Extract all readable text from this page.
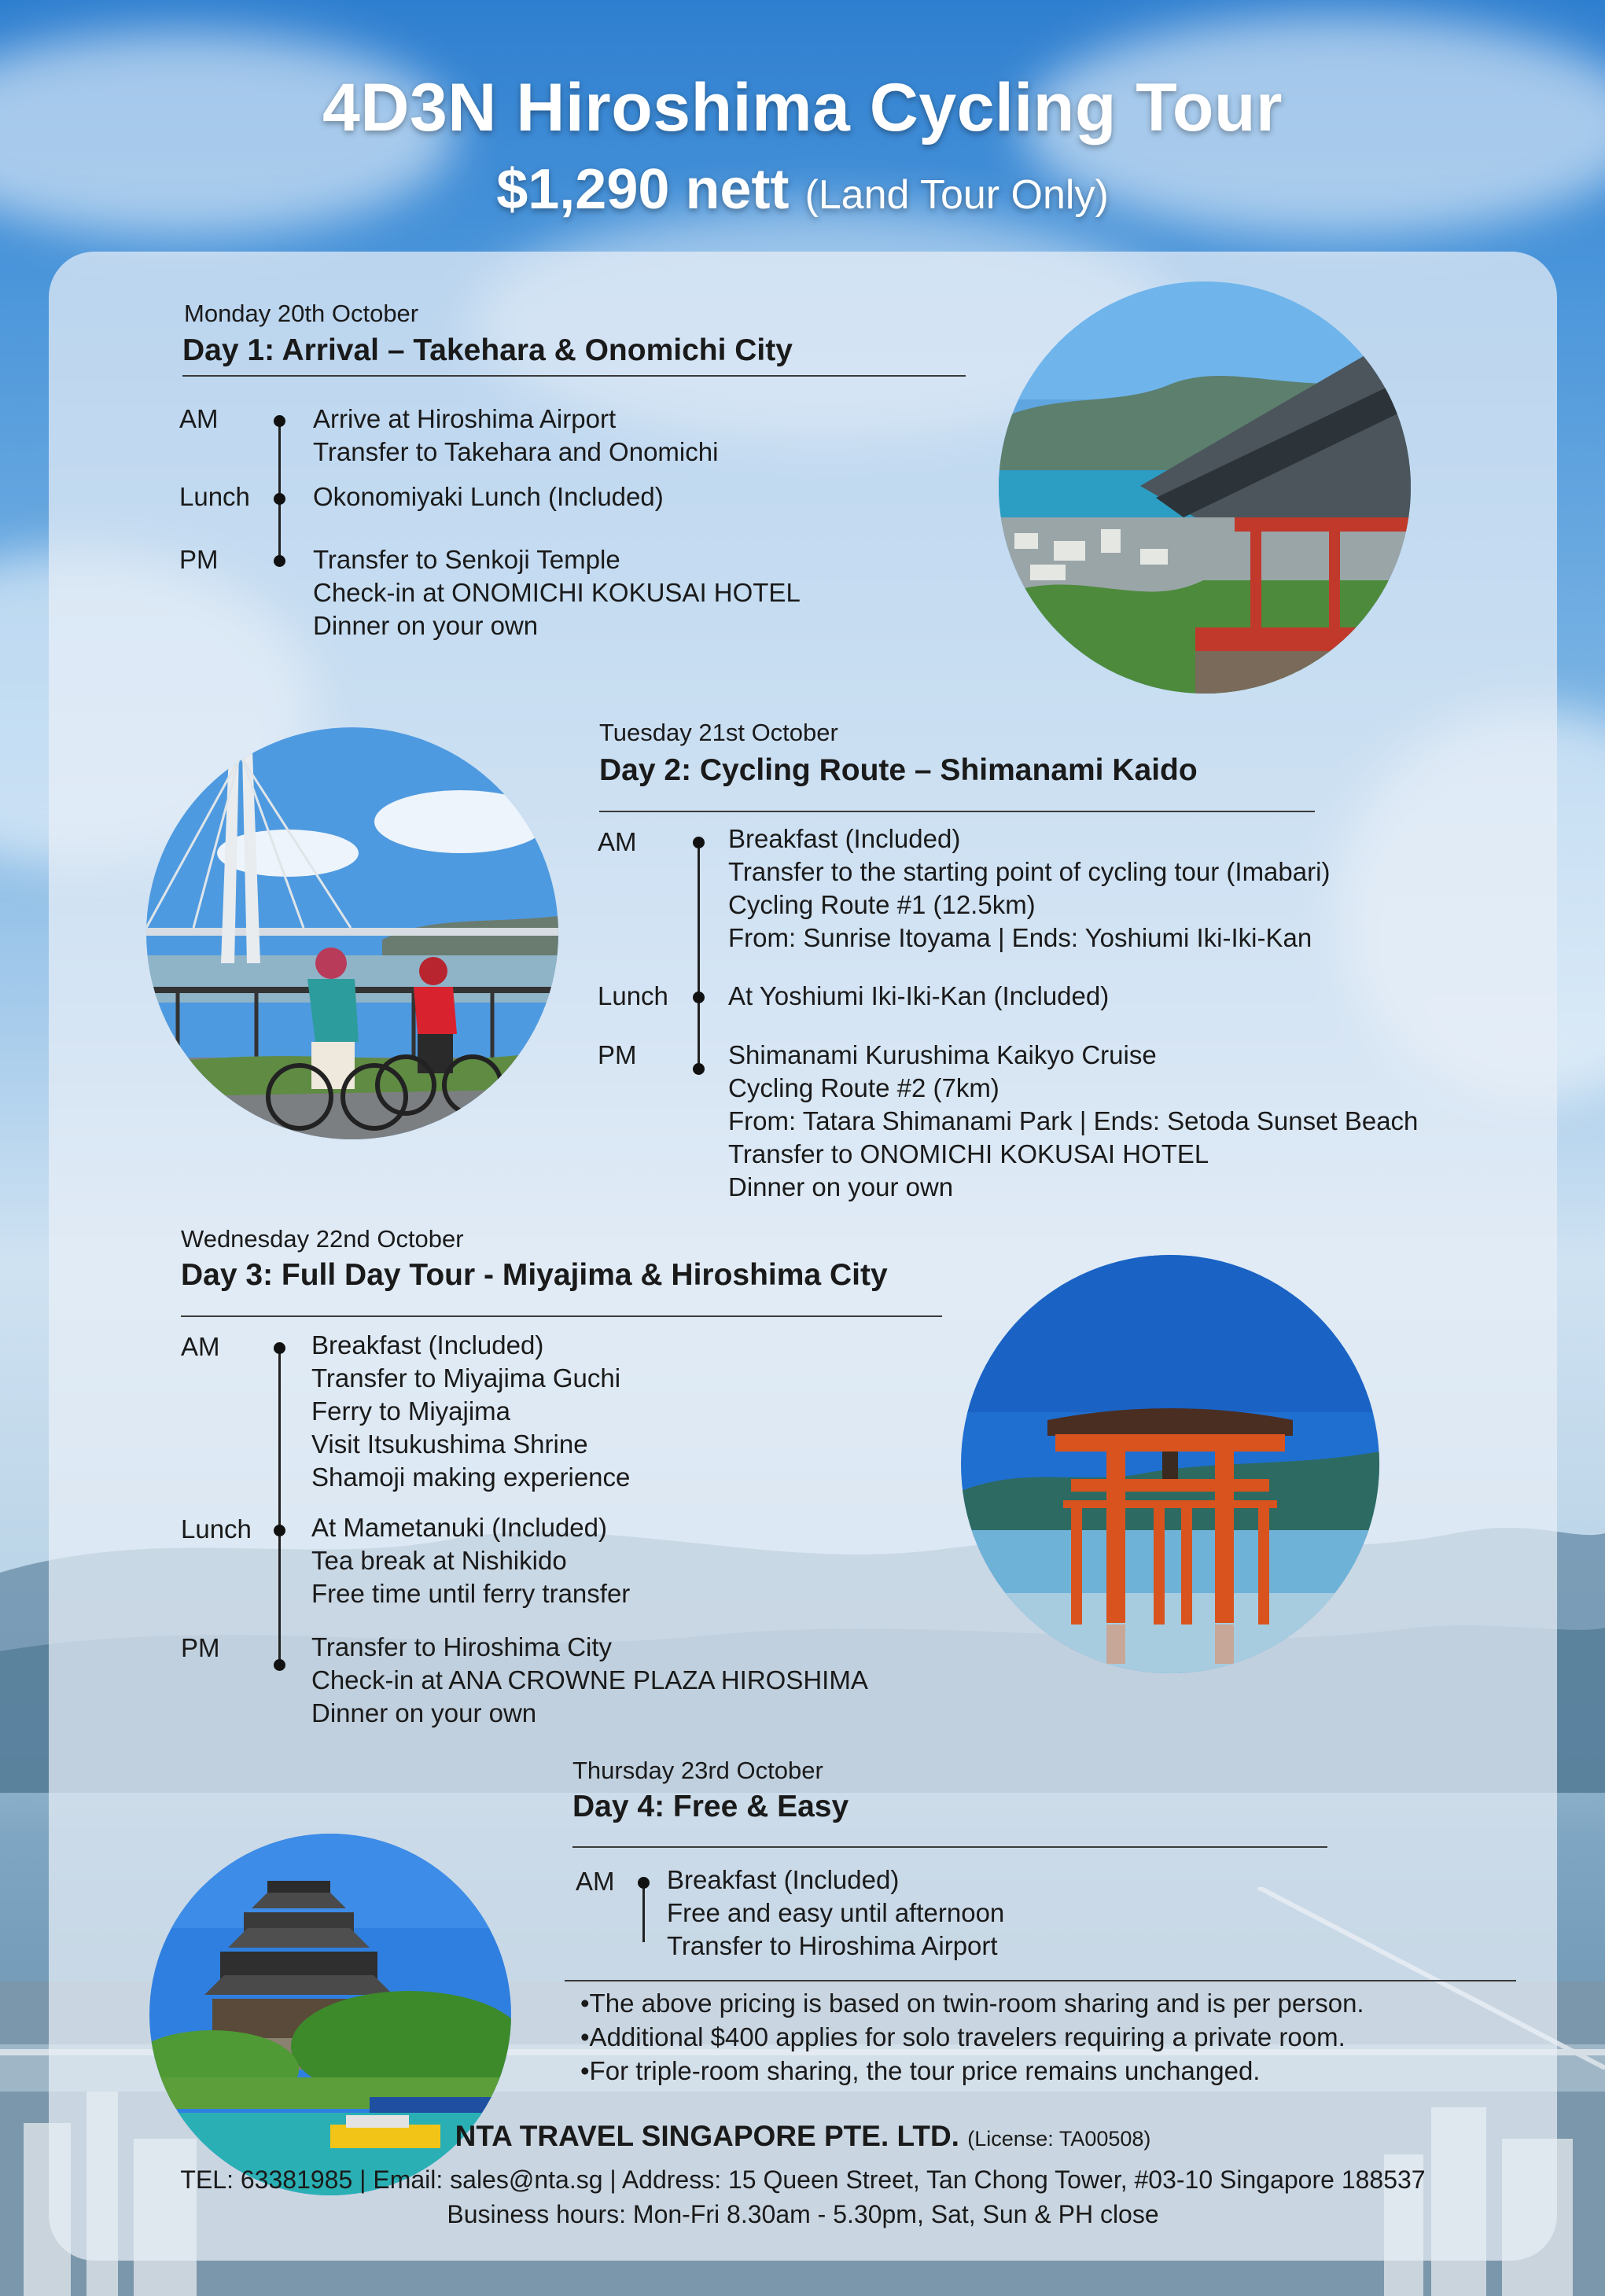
4D3N Hiroshima Cycling Tour
$1,290 nett (Land Tour Only)
Monday 20th October
Day 1: Arrival – Takehara & Onomichi City
AM	Arrive at Hiroshima Airport
Transfer to Takehara and Onomichi
Lunch Okonomiyaki Lunch (Included)
PM	Transfer to Senkoji Temple
Check-in at ONOMICHI KOKUSAI HOTEL
Dinner on your own
Tuesday 21st October
Day 2: Cycling Route – Shimanami Kaido
AM	Breakfast (Included)
Transfer to the starting point of cycling tour (Imabari)
Cycling Route #1 (12.5km)
From: Sunrise Itoyama | Ends: Yoshiumi Iki-Iki-Kan
Lunch At Yoshiumi Iki-Iki-Kan (Included)
PM	Shimanami Kurushima Kaikyo Cruise
Cycling Route #2 (7km)
From: Tatara Shimanami Park | Ends: Setoda Sunset Beach
Transfer to ONOMICHI KOKUSAI HOTEL
Dinner on your own
Wednesday 22nd October
Day 3: Full Day Tour - Miyajima & Hiroshima City
AM	Breakfast (Included)
Transfer to Miyajima Guchi
Ferry to Miyajima
Visit Itsukushima Shrine
Shamoji making experience
Lunch At Mametanuki (Included)
Tea break at Nishikido
Free time until ferry transfer
PM	Transfer to Hiroshima City
Check-in at ANA CROWNE PLAZA HIROSHIMA
Dinner on your own
Thursday 23rd October
Day 4: Free & Easy
AM Breakfast (Included)
Free and easy until afternoon
Transfer to Hiroshima Airport
•The above pricing is based on twin-room sharing and is per person.
•Additional $400 applies for solo travelers requiring a private room.
•For triple-room sharing, the tour price remains unchanged.
NTA TRAVEL SINGAPORE PTE. LTD. (License: TA00508)
TEL: 63381985 | Email: sales@nta.sg | Address: 15 Queen Street, Tan Chong Tower, #03-10 Singapore 188537
Business hours: Mon-Fri 8.30am - 5.30pm, Sat, Sun & PH close
